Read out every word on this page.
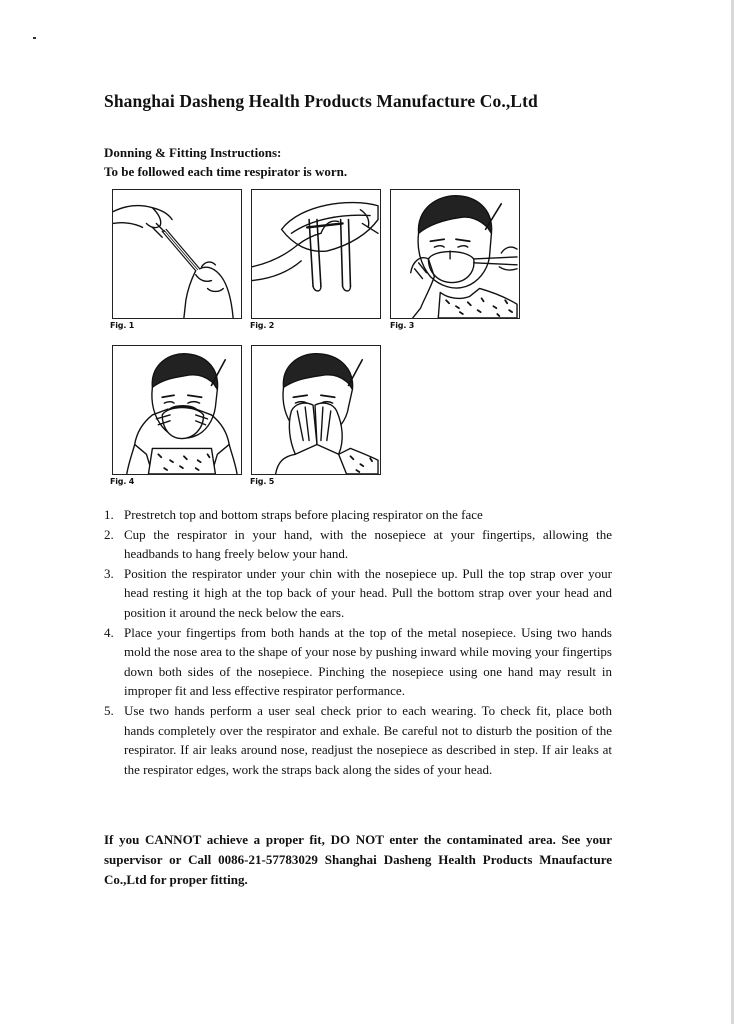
Shanghai Dasheng Health Products Manufacture Co.,Ltd
Donning & Fitting Instructions:
To be followed each time respirator is worn.
Fig. 1	Fig. 2	Fig. 3
Fig. 4	Fig. 5
1. Prestretch top and bottom straps before placing respirator on the face
2. Cup the respirator in your hand, with the nosepiece at your fingertips, allowing the headbands to hang freely below your hand.
3. Position the respirator under your chin with the nosepiece up. Pull the top strap over your head resting it high at the top back of your head. Pull the bottom strap over your head and position it around the neck below the ears.
4. Place your fingertips from both hands at the top of the metal nosepiece. Using two hands mold the nose area to the shape of your nose by pushing inward while moving your fingertips down both sides of the nosepiece. Pinching the nosepiece using one hand may result in improper fit and less effective respirator performance.
5. Use two hands perform a user seal check prior to each wearing. To check fit, place both hands completely over the respirator and exhale. Be careful not to disturb the position of the respirator. If air leaks around nose, readjust the nosepiece as described in step. If air leaks at the respirator edges, work the straps back along the sides of your head.
If you CANNOT achieve a proper fit, DO NOT enter the contaminated area. See your supervisor or Call 0086-21-57783029 Shanghai Dasheng Health Products Mnaufacture Co.,Ltd for proper fitting.
